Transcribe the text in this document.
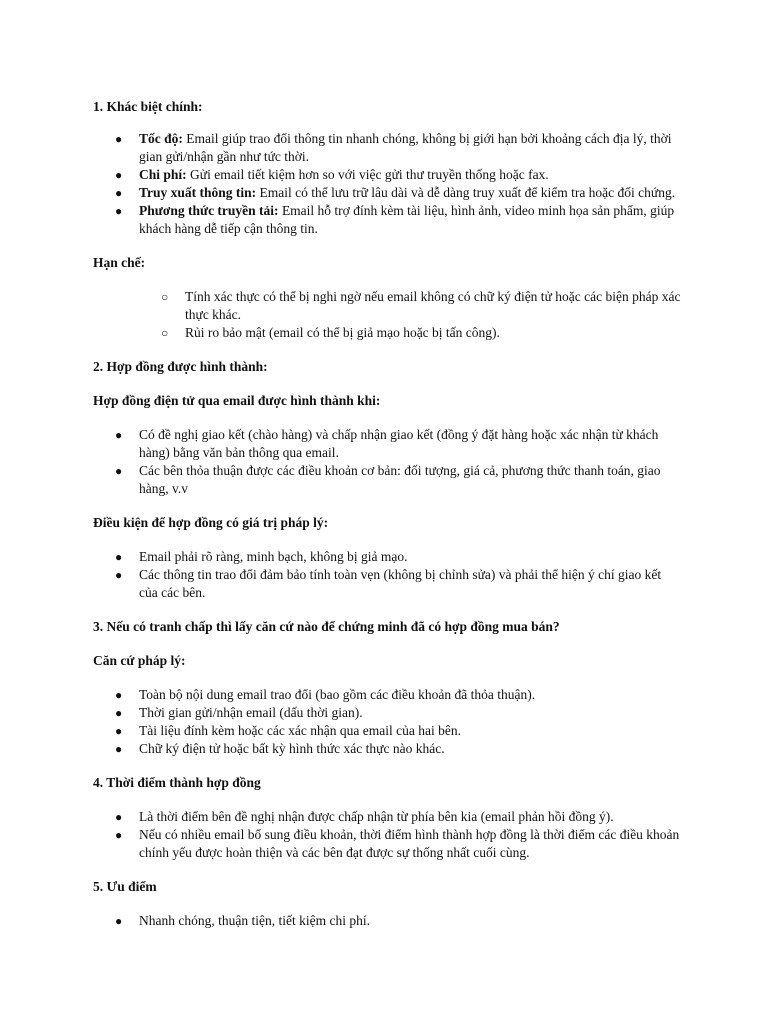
1. Khác biệt chính:

● Tốc độ: Email giúp trao đổi thông tin nhanh chóng, không bị giới hạn bởi khoảng cách địa lý, thời gian gửi/nhận gần như tức thời.
● Chi phí: Gửi email tiết kiệm hơn so với việc gửi thư truyền thống hoặc fax.
● Truy xuất thông tin: Email có thể lưu trữ lâu dài và dễ dàng truy xuất để kiểm tra hoặc đối chứng.
● Phương thức truyền tải: Email hỗ trợ đính kèm tài liệu, hình ảnh, video minh họa sản phẩm, giúp khách hàng dễ tiếp cận thông tin.

Hạn chế:

○ Tính xác thực có thể bị nghi ngờ nếu email không có chữ ký điện tử hoặc các biện pháp xác thực khác.
○ Rủi ro bảo mật (email có thể bị giả mạo hoặc bị tấn công).

2. Hợp đồng được hình thành:

Hợp đồng điện tử qua email được hình thành khi:

● Có đề nghị giao kết (chào hàng) và chấp nhận giao kết (đồng ý đặt hàng hoặc xác nhận từ khách hàng) bằng văn bản thông qua email.
● Các bên thỏa thuận được các điều khoản cơ bản: đối tượng, giá cả, phương thức thanh toán, giao hàng, v.v

Điều kiện để hợp đồng có giá trị pháp lý:

● Email phải rõ ràng, minh bạch, không bị giả mạo.
● Các thông tin trao đổi đảm bảo tính toàn vẹn (không bị chỉnh sửa) và phải thể hiện ý chí giao kết của các bên.

3. Nếu có tranh chấp thì lấy căn cứ nào để chứng minh đã có hợp đồng mua bán?

Căn cứ pháp lý:

● Toàn bộ nội dung email trao đổi (bao gồm các điều khoản đã thỏa thuận).
● Thời gian gửi/nhận email (dấu thời gian).
● Tài liệu đính kèm hoặc các xác nhận qua email của hai bên.
● Chữ ký điện tử hoặc bất kỳ hình thức xác thực nào khác.

4. Thời điểm thành hợp đồng

● Là thời điểm bên đề nghị nhận được chấp nhận từ phía bên kia (email phản hồi đồng ý).
● Nếu có nhiều email bổ sung điều khoản, thời điểm hình thành hợp đồng là thời điểm các điều khoản chính yếu được hoàn thiện và các bên đạt được sự thống nhất cuối cùng.

5. Ưu điểm

● Nhanh chóng, thuận tiện, tiết kiệm chi phí.
